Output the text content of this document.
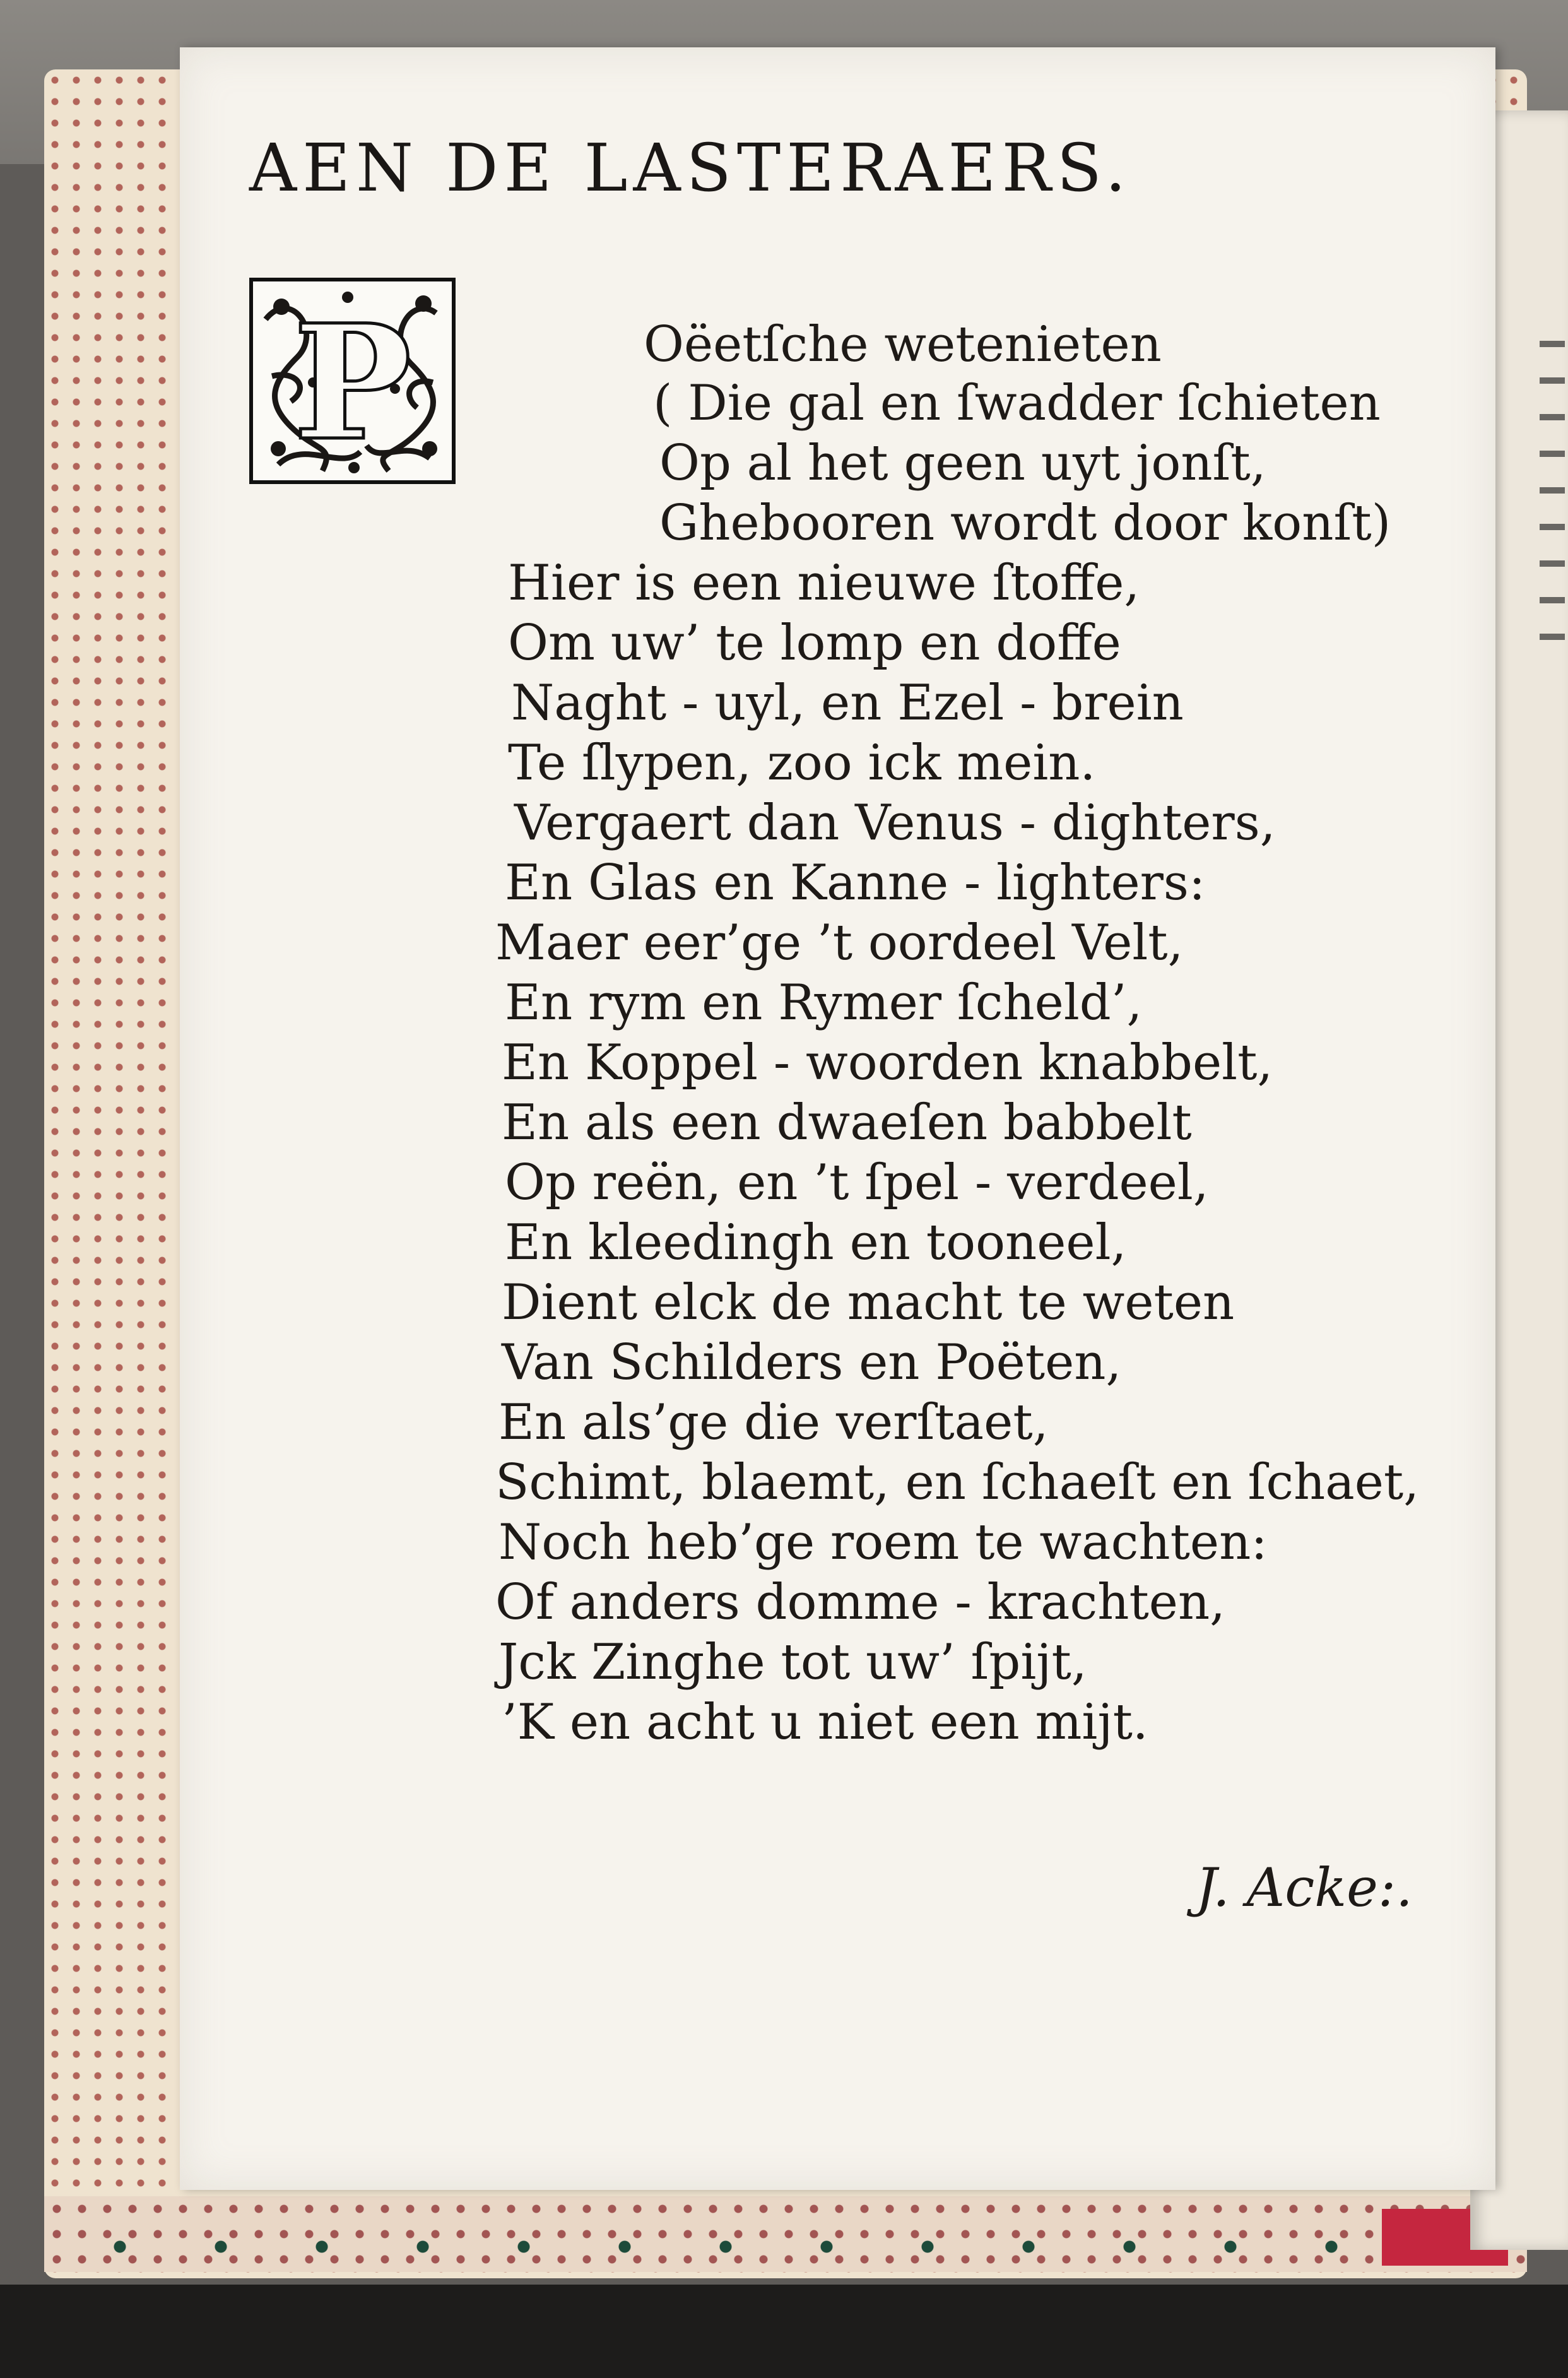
AEN DE LASTERAERS.
P	Oëetſche wetenieten
( Die gal en ſwadder ſchieten
Op al het geen uyt jonſt,
Ghebooren wordt door konſt)
Hier is een nieuwe ſtoffe,
Om uw’ te lomp en doffe
Naght - uyl, en Ezel - brein
Te ſlypen, zoo ick mein.
Vergaert dan Venus - dighters,
En Glas en Kanne - lighters:
Maer eer’ge ’t oordeel Velt,
En rym en Rymer ſcheld’,
En Koppel - woorden knabbelt,
En als een dwaeſen babbelt
Op reën, en ’t ſpel - verdeel,
En kleedingh en tooneel,
Dient elck de macht te weten
Van Schilders en Poëten,
En als’ge die verſtaet,
Schimt, blaemt, en ſchaeſt en ſchaet,
Noch heb’ge roem te wachten:
Of anders domme - krachten,
Jck Zinghe tot uw’ ſpijt,
’K en acht u niet een mijt.

J. Acke:.
